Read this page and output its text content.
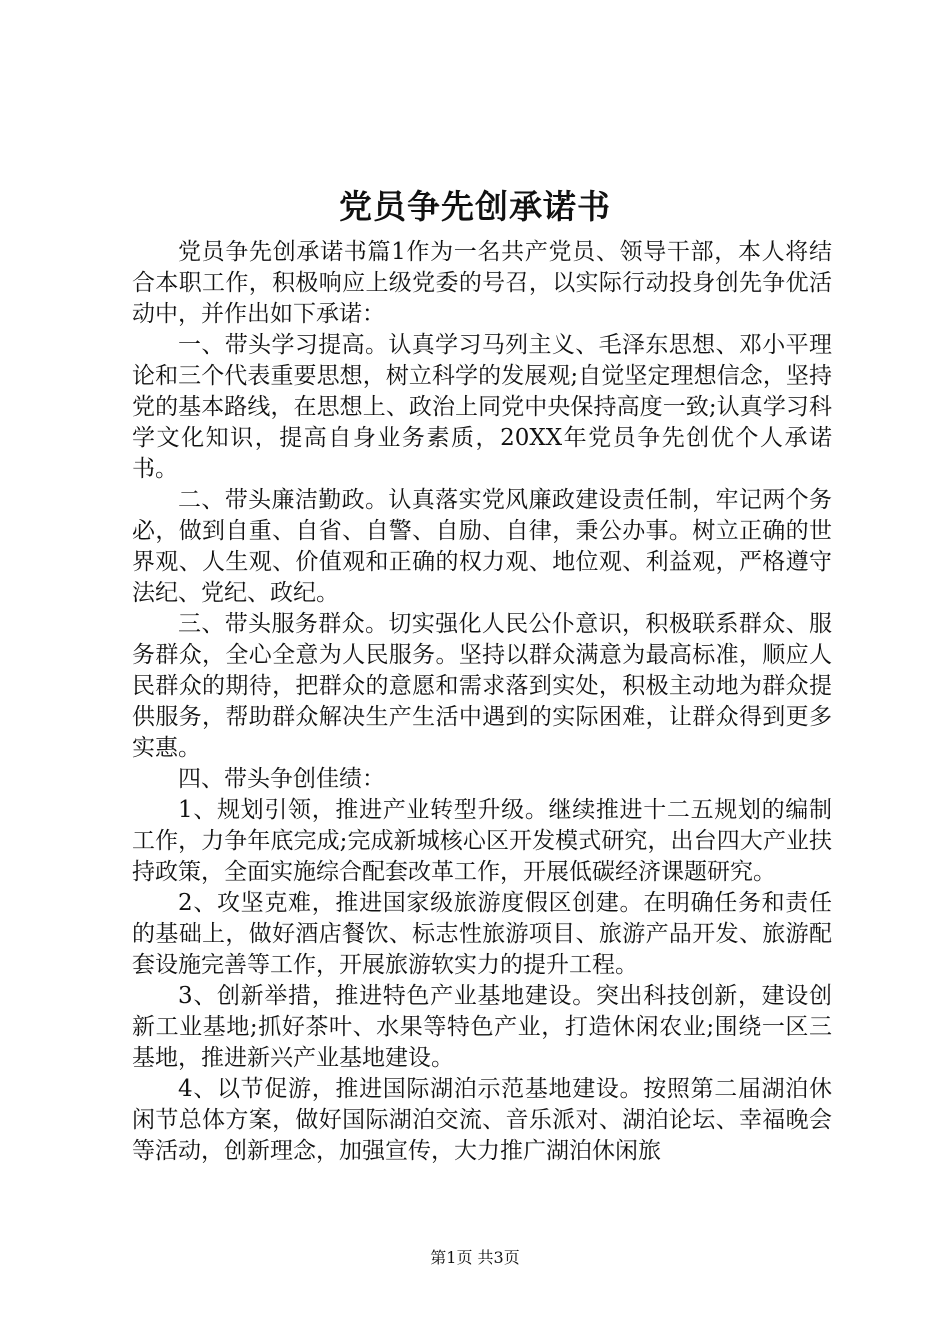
党员争先创承诺书

党员争先创承诺书篇1作为一名共产党员、领导干部，本人将结合本职工作，积极响应上级党委的号召，以实际行动投身创先争优活动中，并作出如下承诺：

一、带头学习提高。认真学习马列主义、毛泽东思想、邓小平理论和三个代表重要思想，树立科学的发展观;自觉坚定理想信念，坚持党的基本路线，在思想上、政治上同党中央保持高度一致;认真学习科学文化知识，提高自身业务素质，20XX年党员争先创优个人承诺书。

二、带头廉洁勤政。认真落实党风廉政建设责任制，牢记两个务必，做到自重、自省、自警、自励、自律，秉公办事。树立正确的世界观、人生观、价值观和正确的权力观、地位观、利益观，严格遵守法纪、党纪、政纪。

三、带头服务群众。切实强化人民公仆意识，积极联系群众、服务群众，全心全意为人民服务。坚持以群众满意为最高标准，顺应人民群众的期待，把群众的意愿和需求落到实处，积极主动地为群众提供服务，帮助群众解决生产生活中遇到的实际困难，让群众得到更多实惠。

四、带头争创佳绩：

1、规划引领，推进产业转型升级。继续推进十二五规划的编制工作，力争年底完成;完成新城核心区开发模式研究，出台四大产业扶持政策，全面实施综合配套改革工作，开展低碳经济课题研究。

2、攻坚克难，推进国家级旅游度假区创建。在明确任务和责任的基础上，做好酒店餐饮、标志性旅游项目、旅游产品开发、旅游配套设施完善等工作，开展旅游软实力的提升工程。

3、创新举措，推进特色产业基地建设。突出科技创新，建设创新工业基地;抓好茶叶、水果等特色产业，打造休闲农业;围绕一区三基地，推进新兴产业基地建设。

4、以节促游，推进国际湖泊示范基地建设。按照第二届湖泊休闲节总体方案，做好国际湖泊交流、音乐派对、湖泊论坛、幸福晚会等活动，创新理念，加强宣传，大力推广湖泊休闲旅

第1页 共3页
